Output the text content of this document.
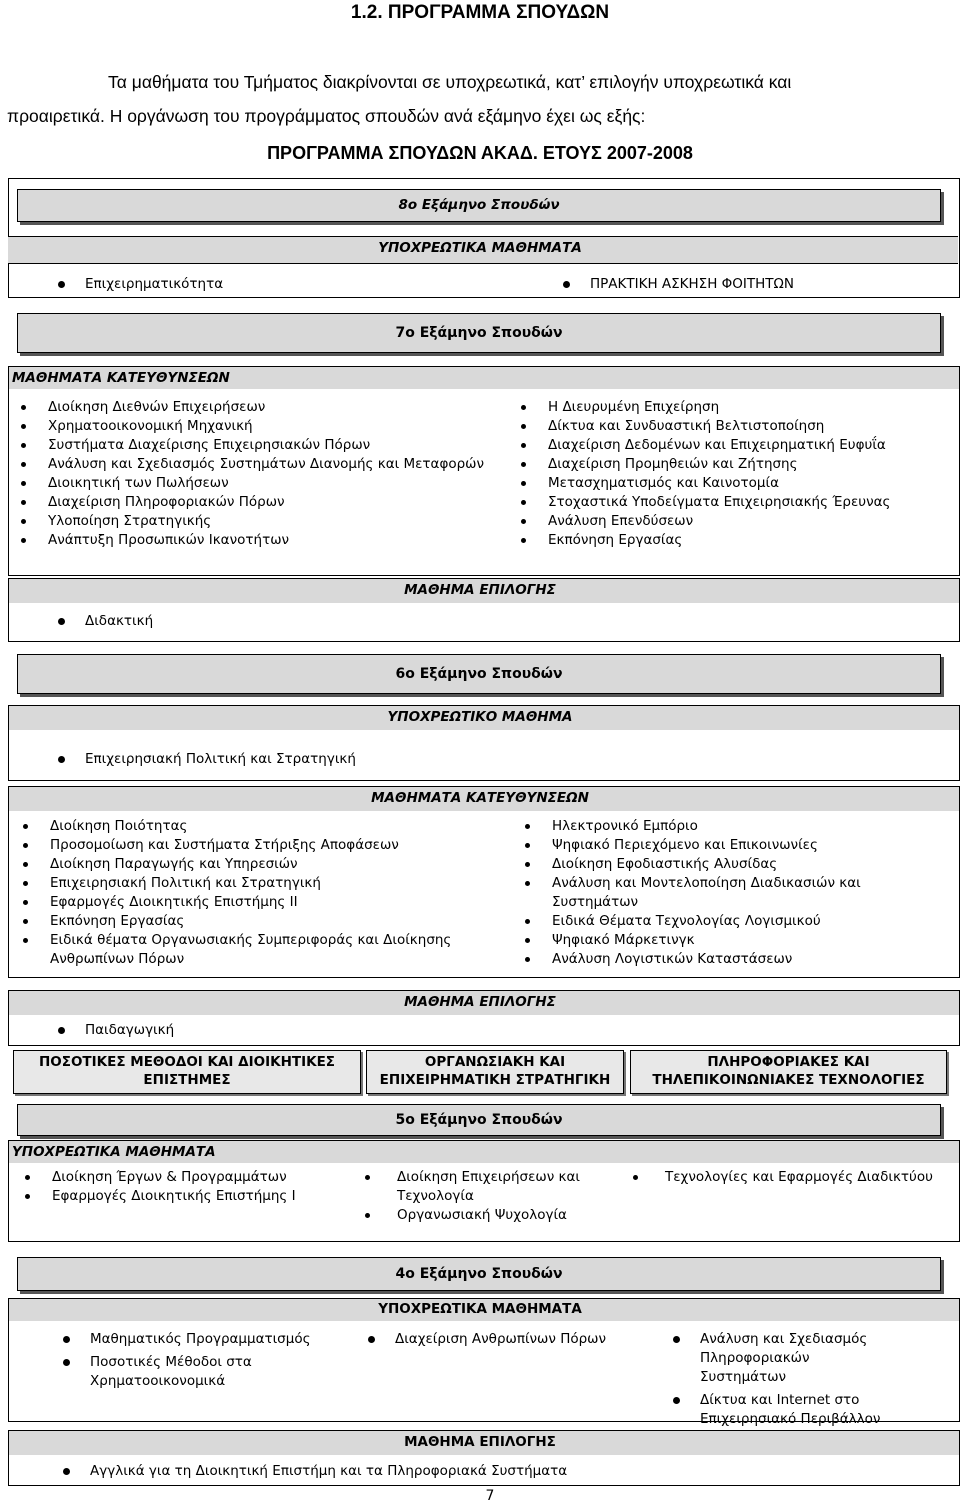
1.2. ΠΡΟΓΡΑΜΜΑ ΣΠΟΥΔΩΝ
Τα μαθήματα του Τμήματος διακρίνονται σε υποχρεωτικά, κατ’ επιλογήν υποχρεωτικά και
προαιρετικά. Η οργάνωση του προγράμματος σπουδών ανά εξάμηνο έχει ως εξής:
ΠΡΟΓΡΑΜΜΑ ΣΠΟΥΔΩΝ ΑΚΑΔ. ΕΤΟΥΣ 2007-2008
8ο Εξάμηνο Σπουδών
ΥΠΟΧΡΕΩΤΙΚΑ ΜΑΘΗΜΑΤΑ
Επιχειρηματικότητα	ΠΡΑΚΤΙΚΗ ΑΣΚΗΣΗ ΦΟΙΤΗΤΩΝ
7ο Εξάμηνο Σπουδών
ΜΑΘΗΜΑΤΑ ΚΑΤΕΥΘΥΝΣΕΩΝ
Διοίκηση Διεθνών Επιχειρήσεων
Χρηματοοικονομική Μηχανική
Συστήματα Διαχείρισης Επιχειρησιακών Πόρων
Ανάλυση και Σχεδιασμός Συστημάτων Διανομής και Μεταφορών
Διοικητική των Πωλήσεων
Διαχείριση Πληροφοριακών Πόρων
Υλοποίηση Στρατηγικής
Ανάπτυξη Προσωπικών Ικανοτήτων
Η Διευρυμένη Επιχείρηση
Δίκτυα και Συνδυαστική Βελτιστοποίηση
Διαχείριση Δεδομένων και Επιχειρηματική Ευφυΐα
Διαχείριση Προμηθειών και Ζήτησης
Μετασχηματισμός και Καινοτομία
Στοχαστικά Υποδείγματα Επιχειρησιακής Έρευνας
Ανάλυση Επενδύσεων
Εκπόνηση Εργασίας
ΜΑΘΗΜΑ ΕΠΙΛΟΓΗΣ
Διδακτική
6ο Εξάμηνο Σπουδών
ΥΠΟΧΡΕΩΤΙΚΟ ΜΑΘΗΜΑ
Επιχειρησιακή Πολιτική και Στρατηγική
ΜΑΘΗΜΑΤΑ ΚΑΤΕΥΘΥΝΣΕΩΝ
Διοίκηση Ποιότητας
Προσομοίωση και Συστήματα Στήριξης Αποφάσεων
Διοίκηση Παραγωγής και Υπηρεσιών
Επιχειρησιακή Πολιτική και Στρατηγική
Εφαρμογές Διοικητικής Επιστήμης ΙΙ
Εκπόνηση Εργασίας
Ειδικά θέματα Οργανωσιακής Συμπεριφοράς και Διοίκησης Ανθρωπίνων Πόρων
Ηλεκτρονικό Εμπόριο
Ψηφιακό Περιεχόμενο και Επικοινωνίες
Διοίκηση Εφοδιαστικής Αλυσίδας
Ανάλυση και Μοντελοποίηση Διαδικασιών και Συστημάτων
Ειδικά Θέματα Τεχνολογίας Λογισμικού
Ψηφιακό Μάρκετινγκ
Ανάλυση Λογιστικών Καταστάσεων
ΜΑΘΗΜΑ ΕΠΙΛΟΓΗΣ
Παιδαγωγική
ΠΟΣΟΤΙΚΕΣ ΜΕΘΟΔΟΙ ΚΑΙ ΔΙΟΙΚΗΤΙΚΕΣ ΕΠΙΣΤΗΜΕΣ
ΟΡΓΑΝΩΣΙΑΚΗ ΚΑΙ ΕΠΙΧΕΙΡΗΜΑΤΙΚΗ ΣΤΡΑΤΗΓΙΚΗ
ΠΛΗΡΟΦΟΡΙΑΚΕΣ ΚΑΙ ΤΗΛΕΠΙΚΟΙΝΩΝΙΑΚΕΣ ΤΕΧΝΟΛΟΓΙΕΣ
5ο Εξάμηνο Σπουδών
ΥΠΟΧΡΕΩΤΙΚΑ ΜΑΘΗΜΑΤΑ
Διοίκηση Έργων & Προγραμμάτων
Εφαρμογές Διοικητικής Επιστήμης Ι
Διοίκηση Επιχειρήσεων και Τεχνολογία
Οργανωσιακή Ψυχολογία
Τεχνολογίες και Εφαρμογές Διαδικτύου
4ο Εξάμηνο Σπουδών
ΥΠΟΧΡΕΩΤΙΚΑ ΜΑΘΗΜΑΤΑ
Μαθηματικός Προγραμματισμός
Ποσοτικές Μέθοδοι στα Χρηματοοικονομικά
Διαχείριση Ανθρωπίνων Πόρων	Ανάλυση και Σχεδιασμός Πληροφοριακών Συστημάτων
Δίκτυα και Internet στο Επιχειρησιακό Περιβάλλον
ΜΑΘΗΜΑ ΕΠΙΛΟΓΗΣ
Αγγλικά για τη Διοικητική Επιστήμη και τα Πληροφοριακά Συστήματα
7
